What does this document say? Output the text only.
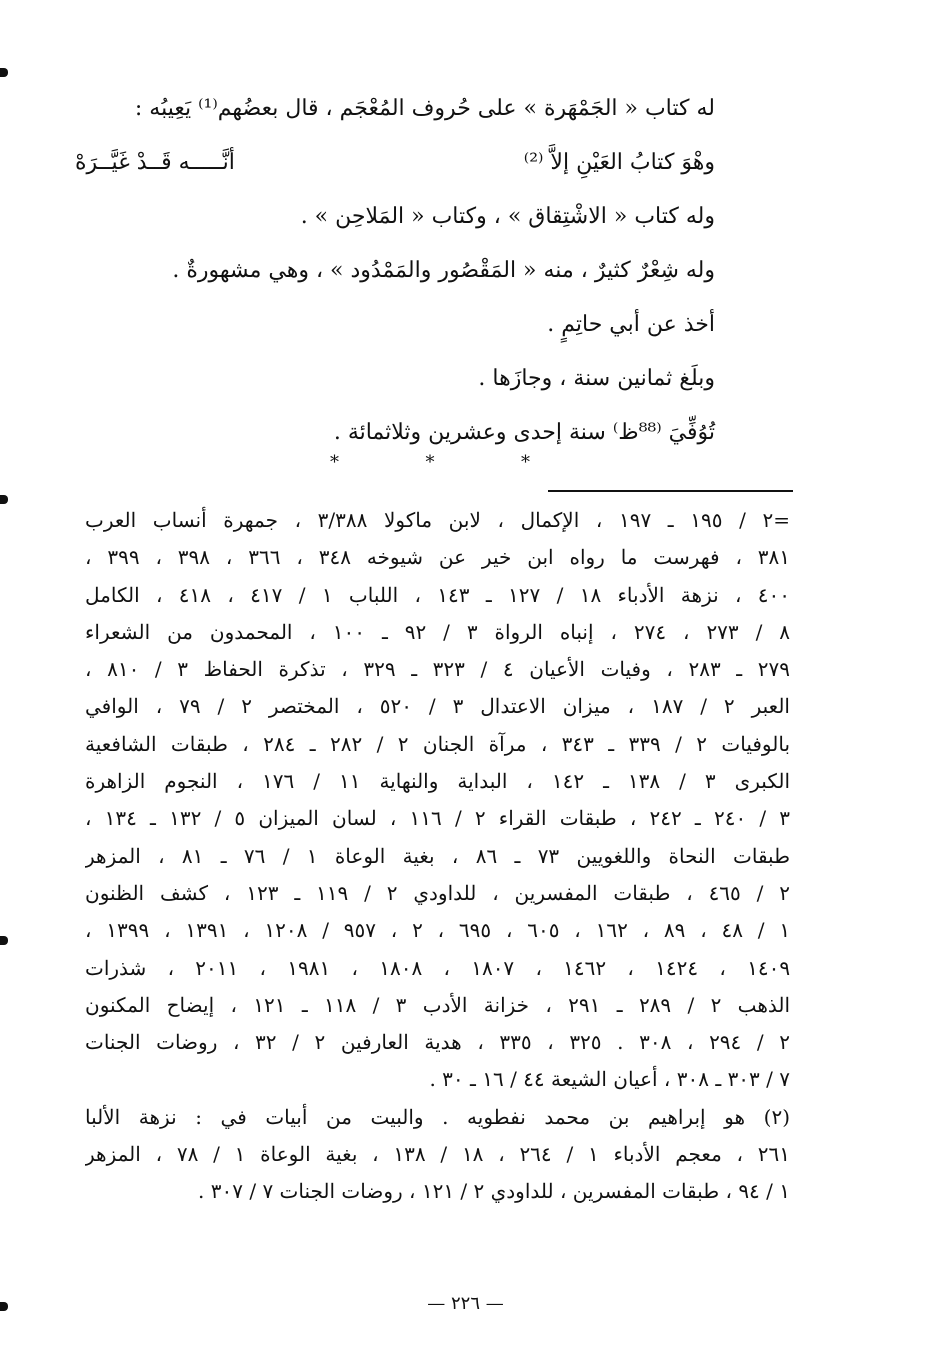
له كتاب « الجَمْهَرة » على حُروف المُعْجَم ، قال بعضُهم⁽¹⁾ يَعِيبُه :
وهْوَ كتابُ العَيْنِ إلاَّ ⁽²⁾
أنَّـــــه قَــدْ غَيَّــرَهْ
وله كتاب « الاشْتِقاق » ، وكتاب « المَلاحِن » .
وله شِعْرٌ كثيرٌ ، منه « المَقْصُور والمَمْدُود » ، وهي مشهورةٌ .
أخذ عن أبي حاتِمٍ .
وبلَغ ثمانين سنة ، وجازَها .
تُوُفِّيَ ⁽⁸⁸ظ⁾ سنة إحدى وعشرين وثلاثمائة .
*	*	*
=٢ / ١٩٥ ـ ١٩٧ ، الإكمال ، لابن ماكولا ٣/٣٨٨ ، جمهرة أنساب العرب
٣٨١ ، فهرست ما رواه ابن خير عن شيوخه ٣٤٨ ، ٣٦٦ ، ٣٩٨ ، ٣٩٩ ،
٤٠٠ ، نزهة الأدباء ١٨ / ١٢٧ ـ ١٤٣ ، اللباب ١ / ٤١٧ ، ٤١٨ ، الكامل
٨ / ٢٧٣ ، ٢٧٤ ، إنباه الرواة ٣ / ٩٢ ـ ١٠٠ ، المحمدون من الشعراء
٢٧٩ ـ ٢٨٣ ، وفيات الأعيان ٤ / ٣٢٣ ـ ٣٢٩ ، تذكرة الحفاظ ٣ / ٨١٠ ،
العبر ٢ / ١٨٧ ، ميزان الاعتدال ٣ / ٥٢٠ ، المختصر ٢ / ٧٩ ، الوافي
بالوفيات ٢ / ٣٣٩ ـ ٣٤٣ ، مرآة الجنان ٢ / ٢٨٢ ـ ٢٨٤ ، طبقات الشافعية
الكبرى ٣ / ١٣٨ ـ ١٤٢ ، البداية والنهاية ١١ / ١٧٦ ، النجوم الزاهرة
٣ / ٢٤٠ ـ ٢٤٢ ، طبقات القراء ٢ / ١١٦ ، لسان الميزان ٥ / ١٣٢ ـ ١٣٤ ،
طبقات النحاة واللغويين ٧٣ ـ ٨٦ ، بغية الوعاة ١ / ٧٦ ـ ٨١ ، المزهر
٢ / ٤٦٥ ، طبقات المفسرين ، للداودي ٢ / ١١٩ ـ ١٢٣ ، كشف الظنون
١ / ٤٨ ، ٨٩ ، ١٦٢ ، ٦٠٥ ، ٦٩٥ ، ٢ ، ٩٥٧ / ١٢٠٨ ، ١٣٩١ ، ١٣٩٩ ،
١٤٠٩ ، ١٤٢٤ ، ١٤٦٢ ، ١٨٠٧ ، ١٨٠٨ ، ١٩٨١ ، ٢٠١١ ، شذرات
الذهب ٢ / ٢٨٩ ـ ٢٩١ ، خزانة الأدب ٣ / ١١٨ ـ ١٢١ ، إيضاح المكنون
٢ / ٢٩٤ ، ٣٠٨ . ٣٢٥ ، ٣٣٥ ، هدية العارفين ٢ / ٣٢ ، روضات الجنات
٧ / ٣٠٣ ـ ٣٠٨ ، أعيان الشيعة ٤٤ / ١٦ ـ ٣٠ .
(٢) هو إبراهيم بن محمد نفطويه . والبيت من أبيات في : نزهة الألبا
٢٦١ ، معجم الأدباء ١ / ٢٦٤ ، ١٨ / ١٣٨ ، بغية الوعاة ١ / ٧٨ ، المزهر
١ / ٩٤ ، طبقات المفسرين ، للداودي ٢ / ١٢١ ، روضات الجنات ٧ / ٣٠٧ .
— ٢٢٦ —
